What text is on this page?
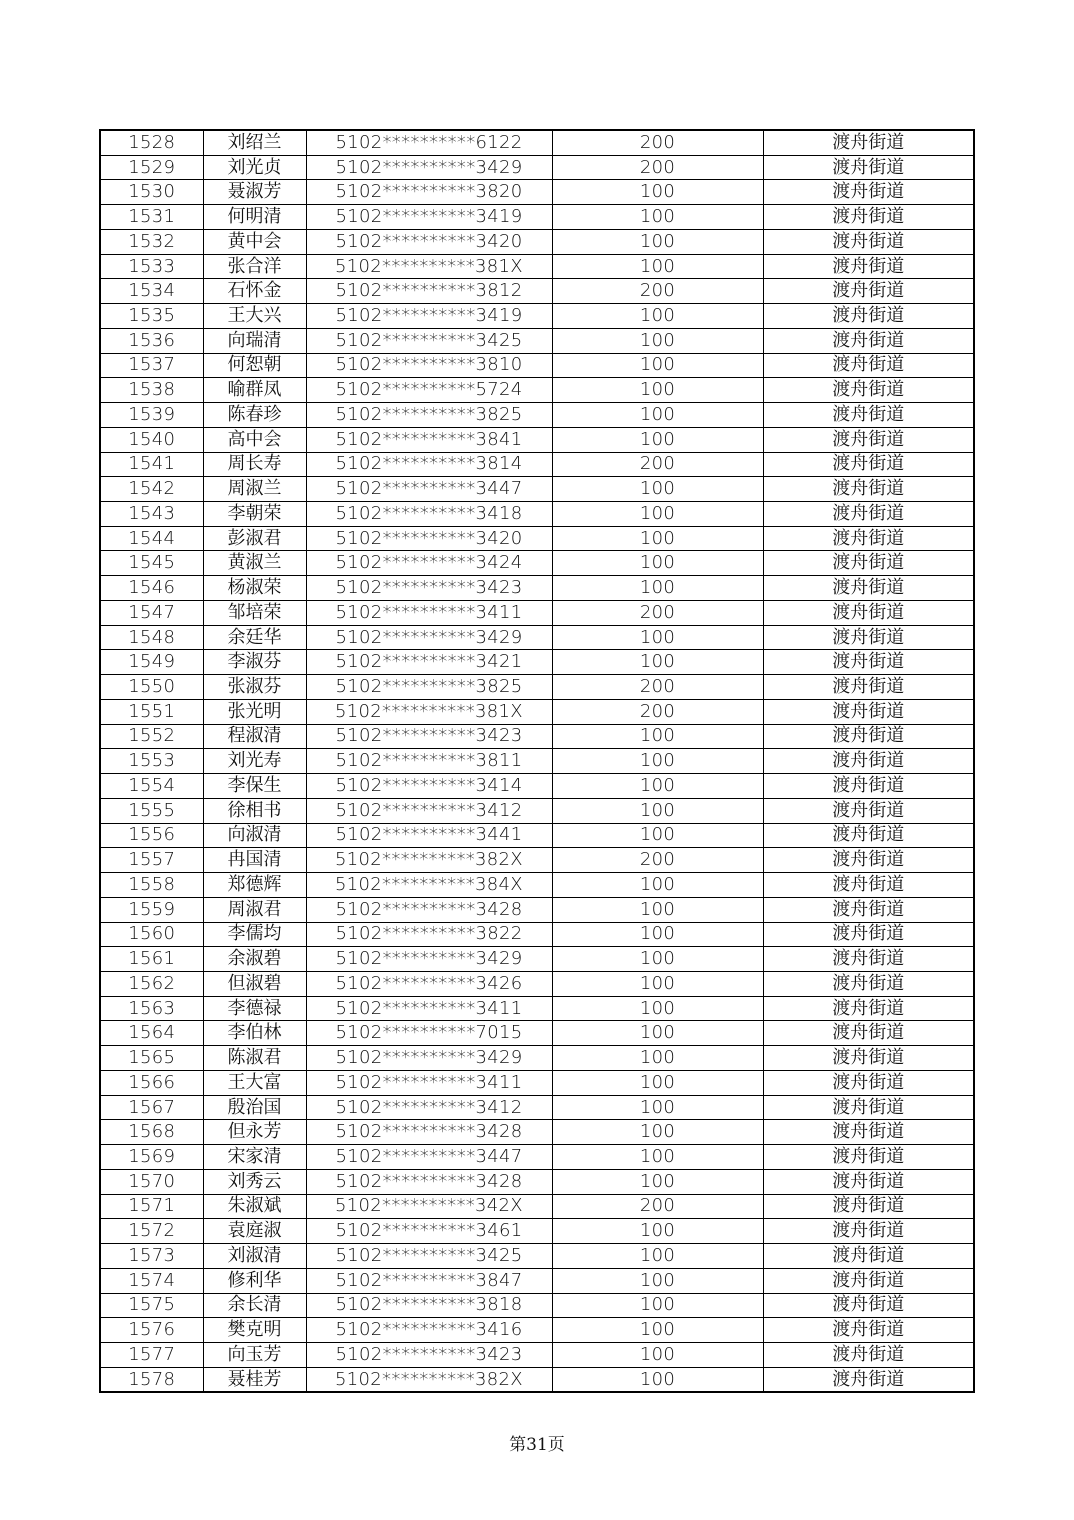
1528	刘绍兰	5102**********6122	200	渡舟街道
1529	刘光贞	5102**********3429	200	渡舟街道
1530	聂淑芳	5102**********3820	100	渡舟街道
1531	何明清	5102**********3419	100	渡舟街道
1532	黄中会	5102**********3420	100	渡舟街道
1533	张合洋	5102**********381X	100	渡舟街道
1534	石怀金	5102**********3812	200	渡舟街道
1535	王大兴	5102**********3419	100	渡舟街道
1536	向瑞清	5102**********3425	100	渡舟街道
1537	何恕朝	5102**********3810	100	渡舟街道
1538	喻群凤	5102**********5724	100	渡舟街道
1539	陈春珍	5102**********3825	100	渡舟街道
1540	高中会	5102**********3841	100	渡舟街道
1541	周长寿	5102**********3814	200	渡舟街道
1542	周淑兰	5102**********3447	100	渡舟街道
1543	李朝荣	5102**********3418	100	渡舟街道
1544	彭淑君	5102**********3420	100	渡舟街道
1545	黄淑兰	5102**********3424	100	渡舟街道
1546	杨淑荣	5102**********3423	100	渡舟街道
1547	邹培荣	5102**********3411	200	渡舟街道
1548	余廷华	5102**********3429	100	渡舟街道
1549	李淑芬	5102**********3421	100	渡舟街道
1550	张淑芬	5102**********3825	200	渡舟街道
1551	张光明	5102**********381X	200	渡舟街道
1552	程淑清	5102**********3423	100	渡舟街道
1553	刘光寿	5102**********3811	100	渡舟街道
1554	李保生	5102**********3414	100	渡舟街道
1555	徐相书	5102**********3412	100	渡舟街道
1556	向淑清	5102**********3441	100	渡舟街道
1557	冉国清	5102**********382X	200	渡舟街道
1558	郑德辉	5102**********384X	100	渡舟街道
1559	周淑君	5102**********3428	100	渡舟街道
1560	李儒均	5102**********3822	100	渡舟街道
1561	余淑碧	5102**********3429	100	渡舟街道
1562	但淑碧	5102**********3426	100	渡舟街道
1563	李德禄	5102**********3411	100	渡舟街道
1564	李伯林	5102**********7015	100	渡舟街道
1565	陈淑君	5102**********3429	100	渡舟街道
1566	王大富	5102**********3411	100	渡舟街道
1567	殷治国	5102**********3412	100	渡舟街道
1568	但永芳	5102**********3428	100	渡舟街道
1569	宋家清	5102**********3447	100	渡舟街道
1570	刘秀云	5102**********3428	100	渡舟街道
1571	朱淑斌	5102**********342X	200	渡舟街道
1572	袁庭淑	5102**********3461	100	渡舟街道
1573	刘淑清	5102**********3425	100	渡舟街道
1574	修利华	5102**********3847	100	渡舟街道
1575	余长清	5102**********3818	100	渡舟街道
1576	樊克明	5102**********3416	100	渡舟街道
1577	向玉芳	5102**********3423	100	渡舟街道
1578	聂桂芳	5102**********382X	100	渡舟街道
第31页
